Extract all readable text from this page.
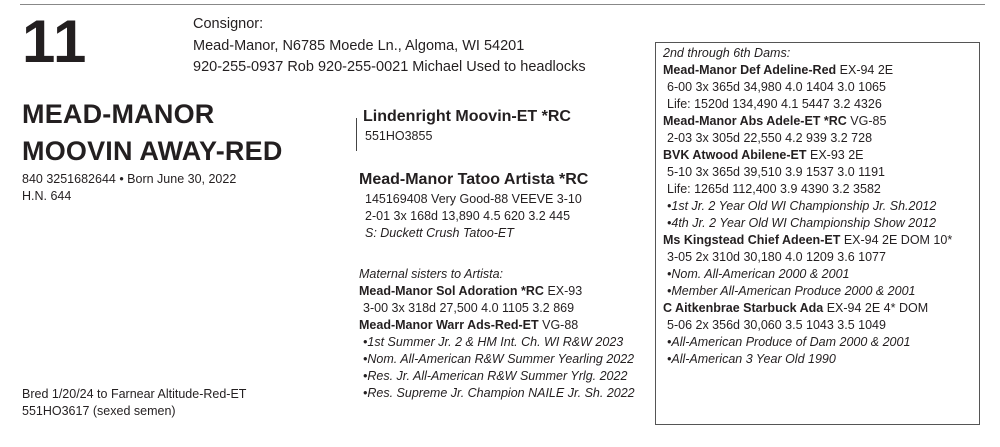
11	Consignor:
Mead-Manor, N6785 Moede Ln., Algoma, WI 54201
920-255-0937 Rob 920-255-0021 Michael Used to headlocks
MEAD-MANOR
MOOVIN AWAY-RED
840 3251682644 • Born June 30, 2022
H.N. 644
Bred 1/20/24 to Farnear Altitude-Red-ET
551HO3617 (sexed semen)
Lindenright Moovin-ET *RC
551HO3855
Mead-Manor Tatoo Artista *RC
145169408 Very Good-88 VEEVE 3-10
2-01 3x 168d 13,890 4.5 620 3.2 445
S: Duckett Crush Tatoo-ET
Maternal sisters to Artista:
Mead-Manor Sol Adoration *RC EX-93
3-00 3x 318d 27,500 4.0 1105 3.2 869
Mead-Manor Warr Ads-Red-ET VG-88
•1st Summer Jr. 2 & HM Int. Ch. WI R&W 2023
•Nom. All-American R&W Summer Yearling 2022
•Res. Jr. All-American R&W Summer Yrlg. 2022
•Res. Supreme Jr. Champion NAILE Jr. Sh. 2022
2nd through 6th Dams:
Mead-Manor Def Adeline-Red EX-94 2E
6-00 3x 365d 34,980 4.0 1404 3.0 1065
Life: 1520d 134,490 4.1 5447 3.2 4326
Mead-Manor Abs Adele-ET *RC VG-85
2-03 3x 305d 22,550 4.2 939 3.2 728
BVK Atwood Abilene-ET EX-93 2E
5-10 3x 365d 39,510 3.9 1537 3.0 1191
Life: 1265d 112,400 3.9 4390 3.2 3582
•1st Jr. 2 Year Old WI Championship Jr. Sh.2012
•4th Jr. 2 Year Old WI Championship Show 2012
Ms Kingstead Chief Adeen-ET EX-94 2E DOM 10*
3-05 2x 310d 30,180 4.0 1209 3.6 1077
•Nom. All-American 2000 & 2001
•Member All-American Produce 2000 & 2001
C Aitkenbrae Starbuck Ada EX-94 2E 4* DOM
5-06 2x 356d 30,060 3.5 1043 3.5 1049
•All-American Produce of Dam 2000 & 2001
•All-American 3 Year Old 1990
